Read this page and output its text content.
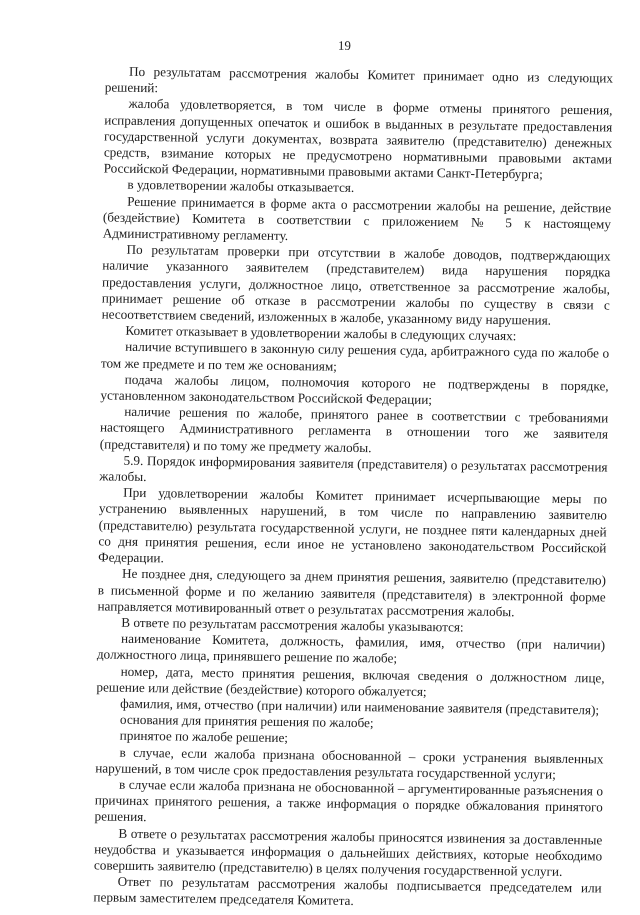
19

По результатам рассмотрения жалобы Комитет принимает одно из следующих решений:

жалоба удовлетворяется, в том числе в форме отмены принятого решения, исправления допущенных опечаток и ошибок в выданных в результате предоставления государственной услуги документах, возврата заявителю (представителю) денежных средств, взимание которых не предусмотрено нормативными правовыми актами Российской Федерации, нормативными правовыми актами Санкт-Петербурга;

в удовлетворении жалобы отказывается.

Решение принимается в форме акта о рассмотрении жалобы на решение, действие (бездействие) Комитета в соответствии с приложением № 5 к настоящему Административному регламенту.

По результатам проверки при отсутствии в жалобе доводов, подтверждающих наличие указанного заявителем (представителем) вида нарушения порядка предоставления услуги, должностное лицо, ответственное за рассмотрение жалобы, принимает решение об отказе в рассмотрении жалобы по существу в связи с несоответствием сведений, изложенных в жалобе, указанному виду нарушения.

Комитет отказывает в удовлетворении жалобы в следующих случаях:

наличие вступившего в законную силу решения суда, арбитражного суда по жалобе о том же предмете и по тем же основаниям;

подача жалобы лицом, полномочия которого не подтверждены в порядке, установленном законодательством Российской Федерации;

наличие решения по жалобе, принятого ранее в соответствии с требованиями настоящего Административного регламента в отношении того же заявителя (представителя) и по тому же предмету жалобы.

5.9. Порядок информирования заявителя (представителя) о результатах рассмотрения жалобы.

При удовлетворении жалобы Комитет принимает исчерпывающие меры по устранению выявленных нарушений, в том числе по направлению заявителю (представителю) результата государственной услуги, не позднее пяти календарных дней со дня принятия решения, если иное не установлено законодательством Российской Федерации.

Не позднее дня, следующего за днем принятия решения, заявителю (представителю) в письменной форме и по желанию заявителя (представителя) в электронной форме направляется мотивированный ответ о результатах рассмотрения жалобы.

В ответе по результатам рассмотрения жалобы указываются:

наименование Комитета, должность, фамилия, имя, отчество (при наличии) должностного лица, принявшего решение по жалобе;

номер, дата, место принятия решения, включая сведения о должностном лице, решение или действие (бездействие) которого обжалуется;

фамилия, имя, отчество (при наличии) или наименование заявителя (представителя);

основания для принятия решения по жалобе;

принятое по жалобе решение;

в случае, если жалоба признана обоснованной – сроки устранения выявленных нарушений, в том числе срок предоставления результата государственной услуги;

в случае если жалоба признана не обоснованной – аргументированные разъяснения о причинах принятого решения, а также информация о порядке обжалования принятого решения.

В ответе о результатах рассмотрения жалобы приносятся извинения за доставленные неудобства и указывается информация о дальнейших действиях, которые необходимо совершить заявителю (представителю) в целях получения государственной услуги.

Ответ по результатам рассмотрения жалобы подписывается председателем или первым заместителем председателя Комитета.
